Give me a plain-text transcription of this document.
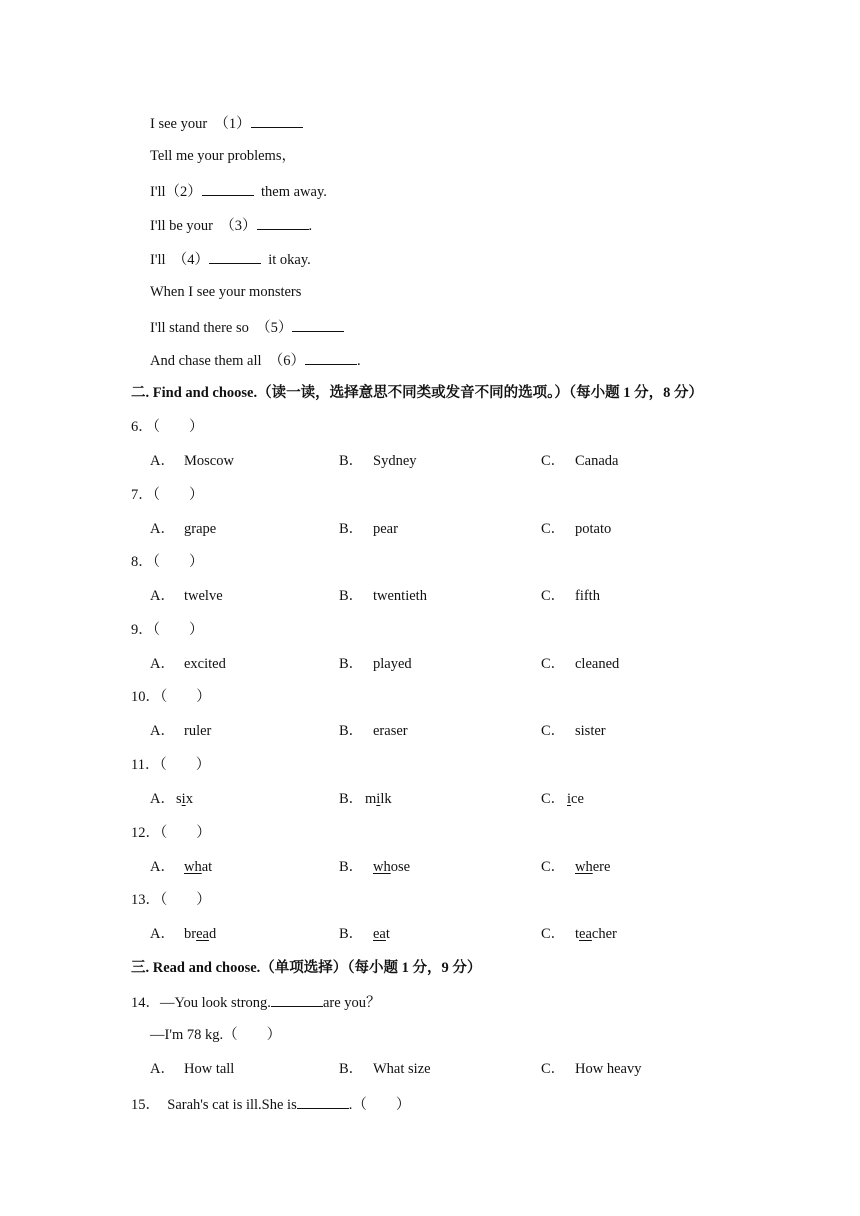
I see your  （1）
Tell me your problems，
I'll（2）	them away.
I'll be your  （3）	.
I'll  （4）	it okay.
When I see your monsters
I'll stand there so  （5）
And chase them all  （6）	.
二. Find and choose.（读一读，选择意思不同类或发音不同的选项。）（每小题 1 分，8 分）
6．（　　）
A． Moscow	B． Sydney	C． Canada
7．（　　）
A． grape	B． pear	C． potato
8．（　　）
A． twelve	B． twentieth	C． fifth
9．（　　）
A． excited	B． played	C． cleaned
10．（　　）
A． ruler	B． eraser	C． sister
11．（　　）
A．six	B． milk	C． ice
12．（　　）
A． what	B． whose	C． where
13．（　　）
A． bread	B． eat	C． teacher
三. Read and choose.（单项选择）（每小题 1 分，9 分）
14．—You look strong.	are you？
—I'm 78 kg.（　　）
A． How tall	B． What size	C． How heavy
15．　Sarah's cat is ill.She is	.（　　）
